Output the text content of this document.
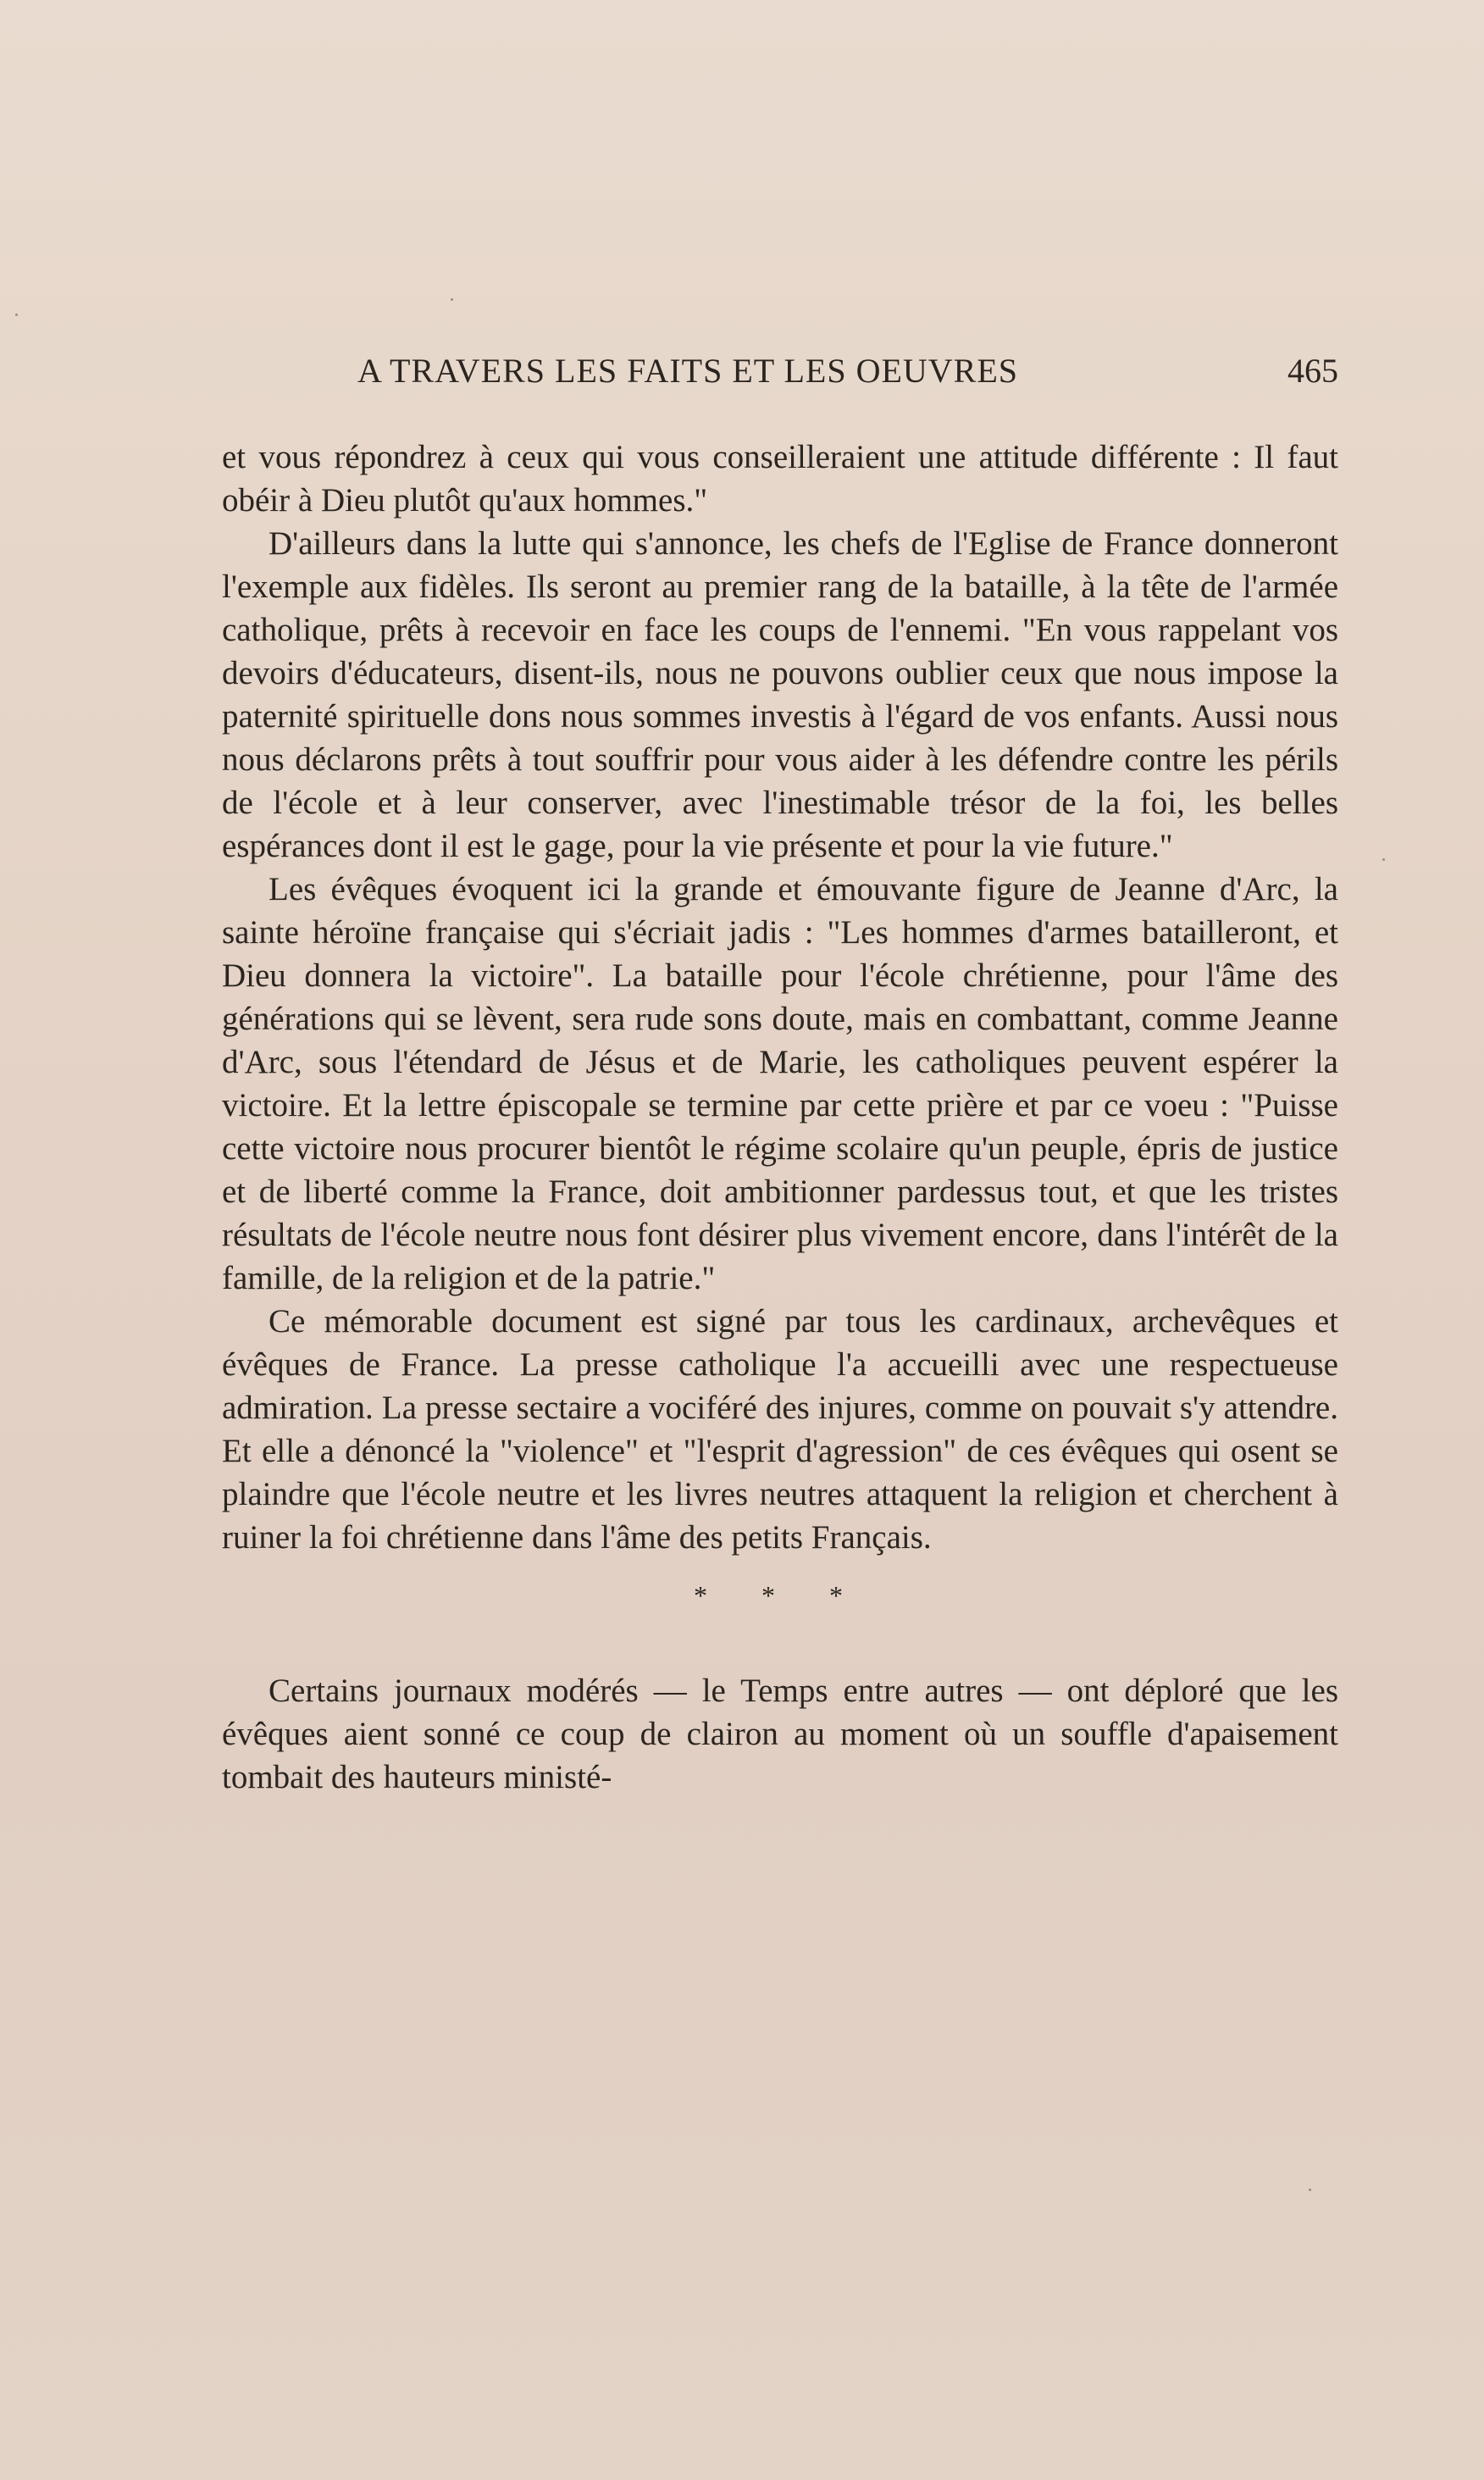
A TRAVERS LES FAITS ET LES OEUVRES	465

et vous répondrez à ceux qui vous conseilleraient une attitude différente : Il faut obéir à Dieu plutôt qu'aux hommes."

D'ailleurs dans la lutte qui s'annonce, les chefs de l'Eglise de France donneront l'exemple aux fidèles. Ils seront au premier rang de la bataille, à la tête de l'armée catholique, prêts à recevoir en face les coups de l'ennemi. "En vous rappelant vos devoirs d'éducateurs, disent-ils, nous ne pouvons oublier ceux que nous impose la paternité spirituelle dons nous sommes investis à l'égard de vos enfants. Aussi nous nous déclarons prêts à tout souffrir pour vous aider à les défendre contre les périls de l'école et à leur conserver, avec l'inestimable trésor de la foi, les belles espérances dont il est le gage, pour la vie présente et pour la vie future."

Les évêques évoquent ici la grande et émouvante figure de Jeanne d'Arc, la sainte héroïne française qui s'écriait jadis : "Les hommes d'armes batailleront, et Dieu donnera la victoire". La bataille pour l'école chrétienne, pour l'âme des générations qui se lèvent, sera rude sons doute, mais en combattant, comme Jeanne d'Arc, sous l'étendard de Jésus et de Marie, les catholiques peuvent espérer la victoire. Et la lettre épiscopale se termine par cette prière et par ce voeu : "Puisse cette victoire nous procurer bientôt le régime scolaire qu'un peuple, épris de justice et de liberté comme la France, doit ambitionner pardessus tout, et que les tristes résultats de l'école neutre nous font désirer plus vivement encore, dans l'intérêt de la famille, de la religion et de la patrie."

Ce mémorable document est signé par tous les cardinaux, archevêques et évêques de France. La presse catholique l'a accueilli avec une respectueuse admiration. La presse sectaire a vociféré des injures, comme on pouvait s'y attendre. Et elle a dénoncé la "violence" et "l'esprit d'agression" de ces évêques qui osent se plaindre que l'école neutre et les livres neutres attaquent la religion et cherchent à ruiner la foi chrétienne dans l'âme des petits Français.

* * *

Certains journaux modérés — le Temps entre autres — ont déploré que les évêques aient sonné ce coup de clairon au moment où un souffle d'apaisement tombait des hauteurs ministé-
